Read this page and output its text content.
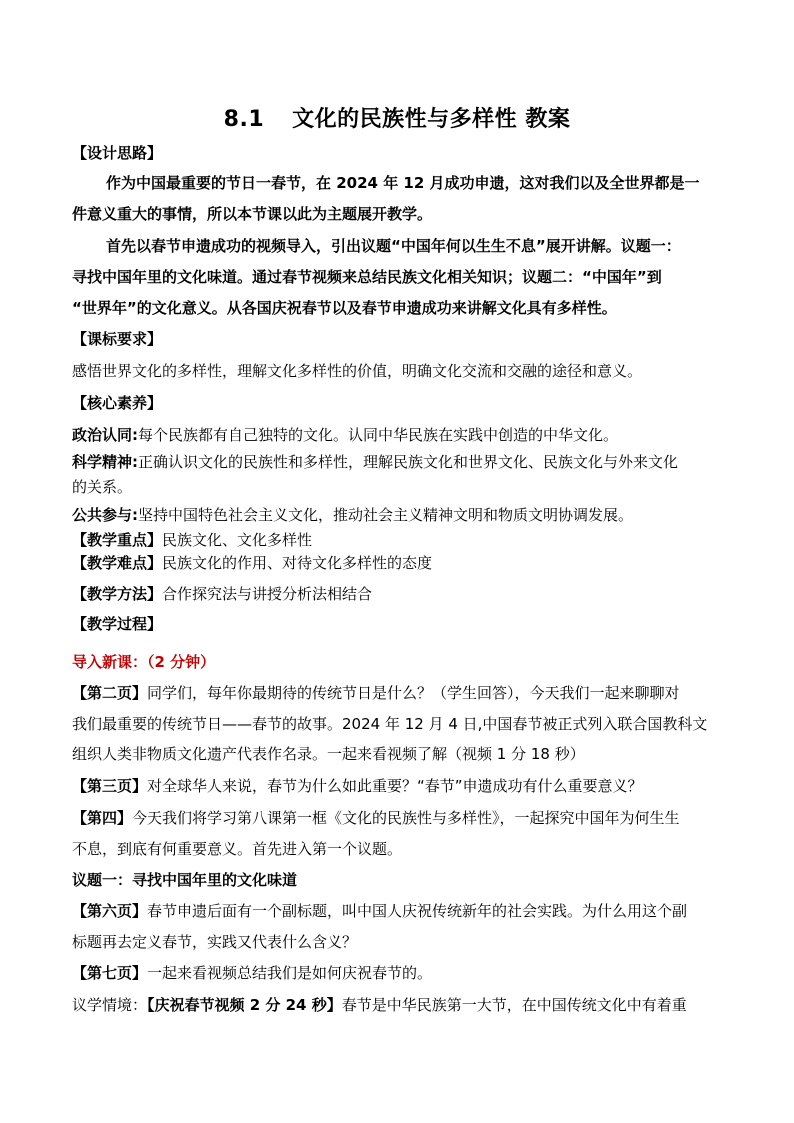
8.1 文化的民族性与多样性 教案
【设计思路】
作为中国最重要的节日一春节，在 2024 年 12 月成功申遗，这对我们以及全世界都是一
件意义重大的事情，所以本节课以此为主题展开教学。
首先以春节申遗成功的视频导入，引出议题“中国年何以生生不息”展开讲解。议题一：
寻找中国年里的文化味道。通过春节视频来总结民族文化相关知识；议题二：“中国年”到
“世界年”的文化意义。从各国庆祝春节以及春节申遗成功来讲解文化具有多样性。
【课标要求】
感悟世界文化的多样性，理解文化多样性的价值，明确文化交流和交融的途径和意义。
【核心素养】
政治认同:每个民族都有自己独特的文化。认同中华民族在实践中创造的中华文化。
科学精神:正确认识文化的民族性和多样性，理解民族文化和世界文化、民族文化与外来文化
的关系。
公共参与:坚持中国特色社会主义文化，推动社会主义精神文明和物质文明协调发展。
【教学重点】民族文化、文化多样性
【教学难点】民族文化的作用、对待文化多样性的态度
【教学方法】合作探究法与讲授分析法相结合
【教学过程】
导入新课：（2 分钟）
【第二页】同学们，每年你最期待的传统节日是什么？（学生回答），今天我们一起来聊聊对
我们最重要的传统节日——春节的故事。2024 年 12 月 4 日,中国春节被正式列入联合国教科文
组织人类非物质文化遗产代表作名录。一起来看视频了解（视频 1 分 18 秒）
【第三页】对全球华人来说，春节为什么如此重要？“春节”申遗成功有什么重要意义？
【第四】今天我们将学习第八课第一框《文化的民族性与多样性》，一起探究中国年为何生生
不息，到底有何重要意义。首先进入第一个议题。
议题一：寻找中国年里的文化味道
【第六页】春节申遗后面有一个副标题，叫中国人庆祝传统新年的社会实践。为什么用这个副
标题再去定义春节，实践又代表什么含义？
【第七页】一起来看视频总结我们是如何庆祝春节的。
议学情境：【庆祝春节视频 2 分 24 秒】春节是中华民族第一大节，在中国传统文化中有着重
